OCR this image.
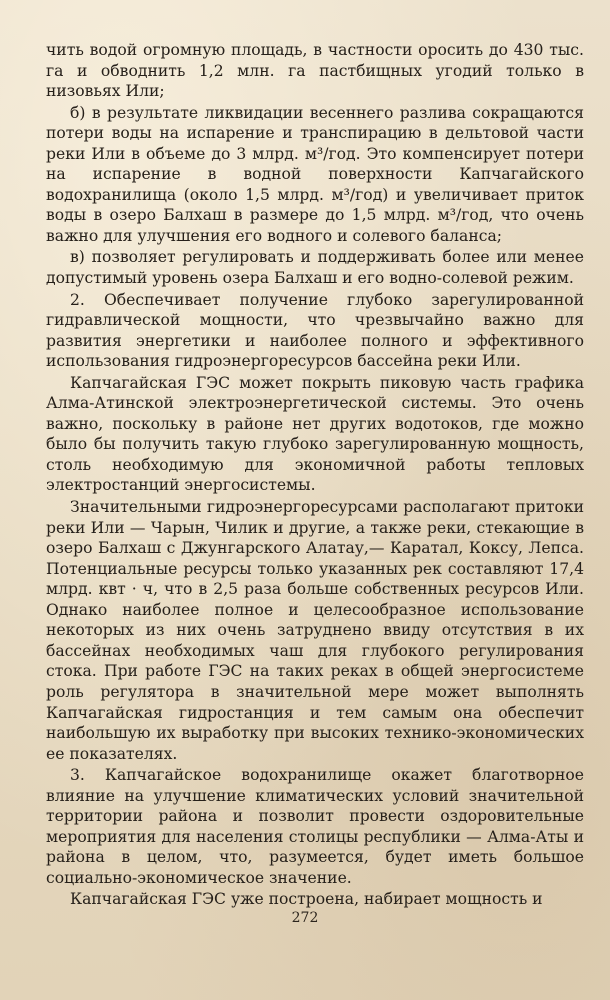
чить водой огромную площадь, в частности оросить до 430 тыс. га и обводнить 1,2 млн. га пастбищных угодий только в низовьях Или;

б) в результате ликвидации весеннего разлива сокращаются потери воды на испарение и транспирацию в дельтовой части реки Или в объеме до 3 млрд. м³/год. Это компенсирует потери на испарение в водной поверхности Капчагайского водохранилища (около 1,5 млрд. м³/год) и увеличивает приток воды в озеро Балхаш в размере до 1,5 млрд. м³/год, что очень важно для улучшения его водного и солевого баланса;

в) позволяет регулировать и поддерживать более или менее допустимый уровень озера Балхаш и его водно-солевой режим.

2. Обеспечивает получение глубоко зарегулированной гидравлической мощности, что чрезвычайно важно для развития энергетики и наиболее полного и эффективного использования гидроэнергоресурсов бассейна реки Или.

Капчагайская ГЭС может покрыть пиковую часть графика Алма-Атинской электроэнергетической системы. Это очень важно, поскольку в районе нет других водотоков, где можно было бы получить такую глубоко зарегулированную мощность, столь необходимую для экономичной работы тепловых электростанций энергосистемы.

Значительными гидроэнергоресурсами располагают притоки реки Или — Чарын, Чилик и другие, а также реки, стекающие в озеро Балхаш с Джунгарского Алатау,— Каратал, Коксу, Лепса. Потенциальные ресурсы только указанных рек составляют 17,4 млрд. квт · ч, что в 2,5 раза больше собственных ресурсов Или. Однако наиболее полное и целесообразное использование некоторых из них очень затруднено ввиду отсутствия в их бассейнах необходимых чаш для глубокого регулирования стока. При работе ГЭС на таких реках в общей энергосистеме роль регулятора в значительной мере может выполнять Капчагайская гидростанция и тем самым она обеспечит наибольшую их выработку при высоких технико-экономических ее показателях.

3. Капчагайское водохранилище окажет благотворное влияние на улучшение климатических условий значительной территории района и позволит провести оздоровительные мероприятия для населения столицы республики — Алма-Аты и района в целом, что, разумеется, будет иметь большое социально-экономическое значение.

Капчагайская ГЭС уже построена, набирает мощность и

272
